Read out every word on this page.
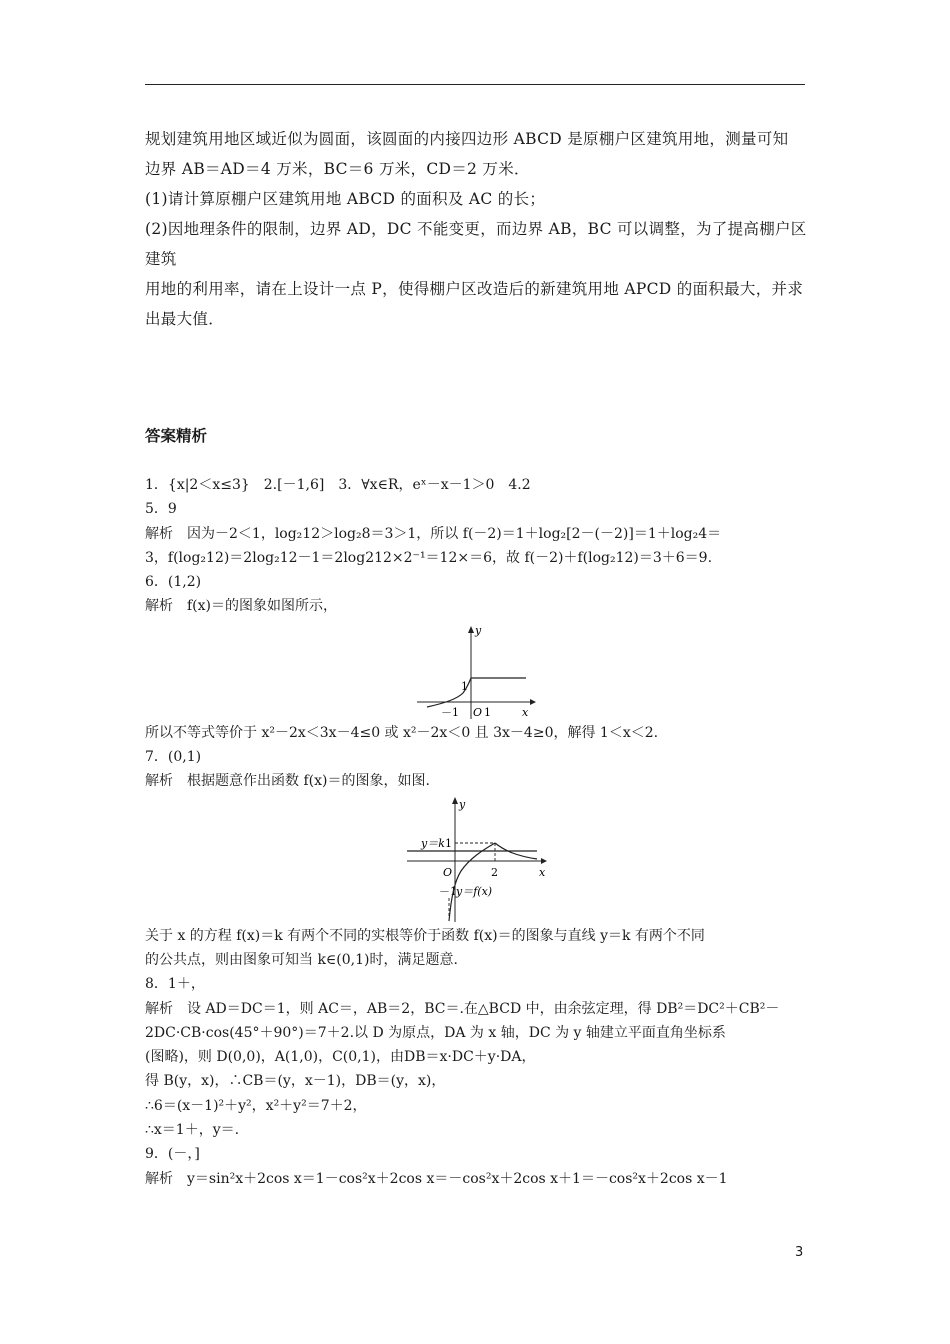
规划建筑用地区域近似为圆面，该圆面的内接四边形 ABCD 是原棚户区建筑用地，测量可知

边界 AB＝AD＝4 万米，BC＝6 万米，CD＝2 万米．

(1)请计算原棚户区建筑用地 ABCD 的面积及 AC 的长；

(2)因地理条件的限制，边界 AD，DC 不能变更，而边界 AB，BC 可以调整，为了提高棚户区建筑

用地的利用率，请在上设计一点 P，使得棚户区改造后的新建筑用地 APCD 的面积最大，并求

出最大值．

答案精析
1．{x|2＜x≤3}　2.[－1,6]　3．∀x∈R，eˣ－x－1＞0　4.2
5．9
解析　因为－2＜1，log₂12＞log₂8＝3＞1，所以 f(－2)＝1＋log₂[2－(－2)]＝1＋log₂4＝
3，f(log₂12)＝2log₂12－1＝2log212×2⁻¹＝12×＝6，故 f(－2)＋f(log₂12)＝3＋6＝9.
6．(1,2)
解析　f(x)＝的图象如图所示，
y
x
1
－1 O 1
所以不等式等价于 x²－2x＜3x－4≤0 或 x²－2x＜0 且 3x－4≥0，解得 1＜x＜2.
7．(0,1)
解析　根据题意作出函数 f(x)＝的图象，如图.
y
x
y＝k 1
2
O
－1 y＝f(x)
关于 x 的方程 f(x)＝k 有两个不同的实根等价于函数 f(x)＝的图象与直线 y＝k 有两个不同
的公共点，则由图象可知当 k∈(0,1)时，满足题意.
8．1＋，
解析　设 AD＝DC＝1，则 AC＝，AB＝2，BC＝.在△BCD 中，由余弦定理，得 DB²＝DC²＋CB²－
2DC·CB·cos(45°＋90°)＝7＋2.以 D 为原点，DA 为 x 轴，DC 为 y 轴建立平面直角坐标系
(图略)，则 D(0,0)，A(1,0)，C(0,1)，由DB＝x·DC＋y·DA，
得 B(y，x)，∴CB＝(y，x－1)，DB＝(y，x)，
∴6＝(x－1)²＋y²，x²＋y²＝7＋2，
∴x＝1＋，y＝.
9．(－，]
解析　y＝sin²x＋2cos x＝1－cos²x＋2cos x＝－cos²x＋2cos x＋1＝－cos²x＋2cos x－1
3
